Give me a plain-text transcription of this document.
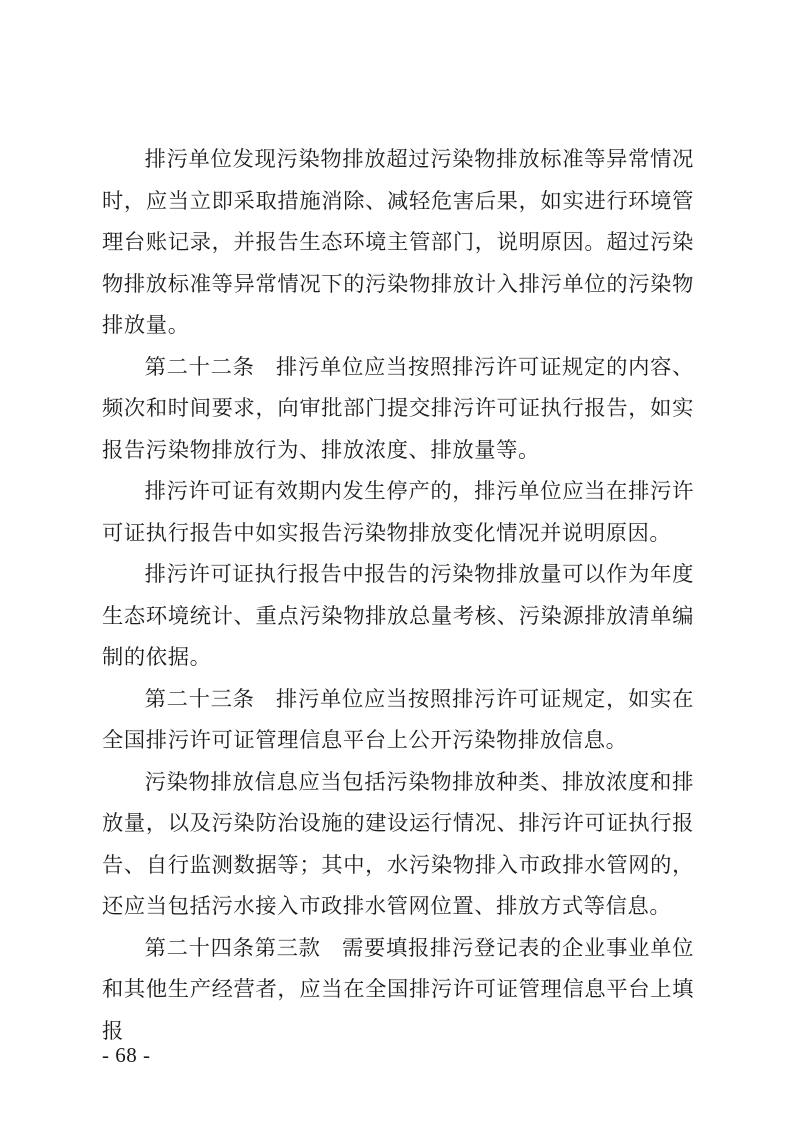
排污单位发现污染物排放超过污染物排放标准等异常情况时，应当立即采取措施消除、减轻危害后果，如实进行环境管理台账记录，并报告生态环境主管部门，说明原因。超过污染物排放标准等异常情况下的污染物排放计入排污单位的污染物排放量。

第二十二条 排污单位应当按照排污许可证规定的内容、频次和时间要求，向审批部门提交排污许可证执行报告，如实报告污染物排放行为、排放浓度、排放量等。

排污许可证有效期内发生停产的，排污单位应当在排污许可证执行报告中如实报告污染物排放变化情况并说明原因。

排污许可证执行报告中报告的污染物排放量可以作为年度生态环境统计、重点污染物排放总量考核、污染源排放清单编制的依据。

第二十三条 排污单位应当按照排污许可证规定，如实在全国排污许可证管理信息平台上公开污染物排放信息。

污染物排放信息应当包括污染物排放种类、排放浓度和排放量，以及污染防治设施的建设运行情况、排污许可证执行报告、自行监测数据等；其中，水污染物排入市政排水管网的，还应当包括污水接入市政排水管网位置、排放方式等信息。

第二十四条第三款 需要填报排污登记表的企业事业单位和其他生产经营者，应当在全国排污许可证管理信息平台上填报

- 68 -
